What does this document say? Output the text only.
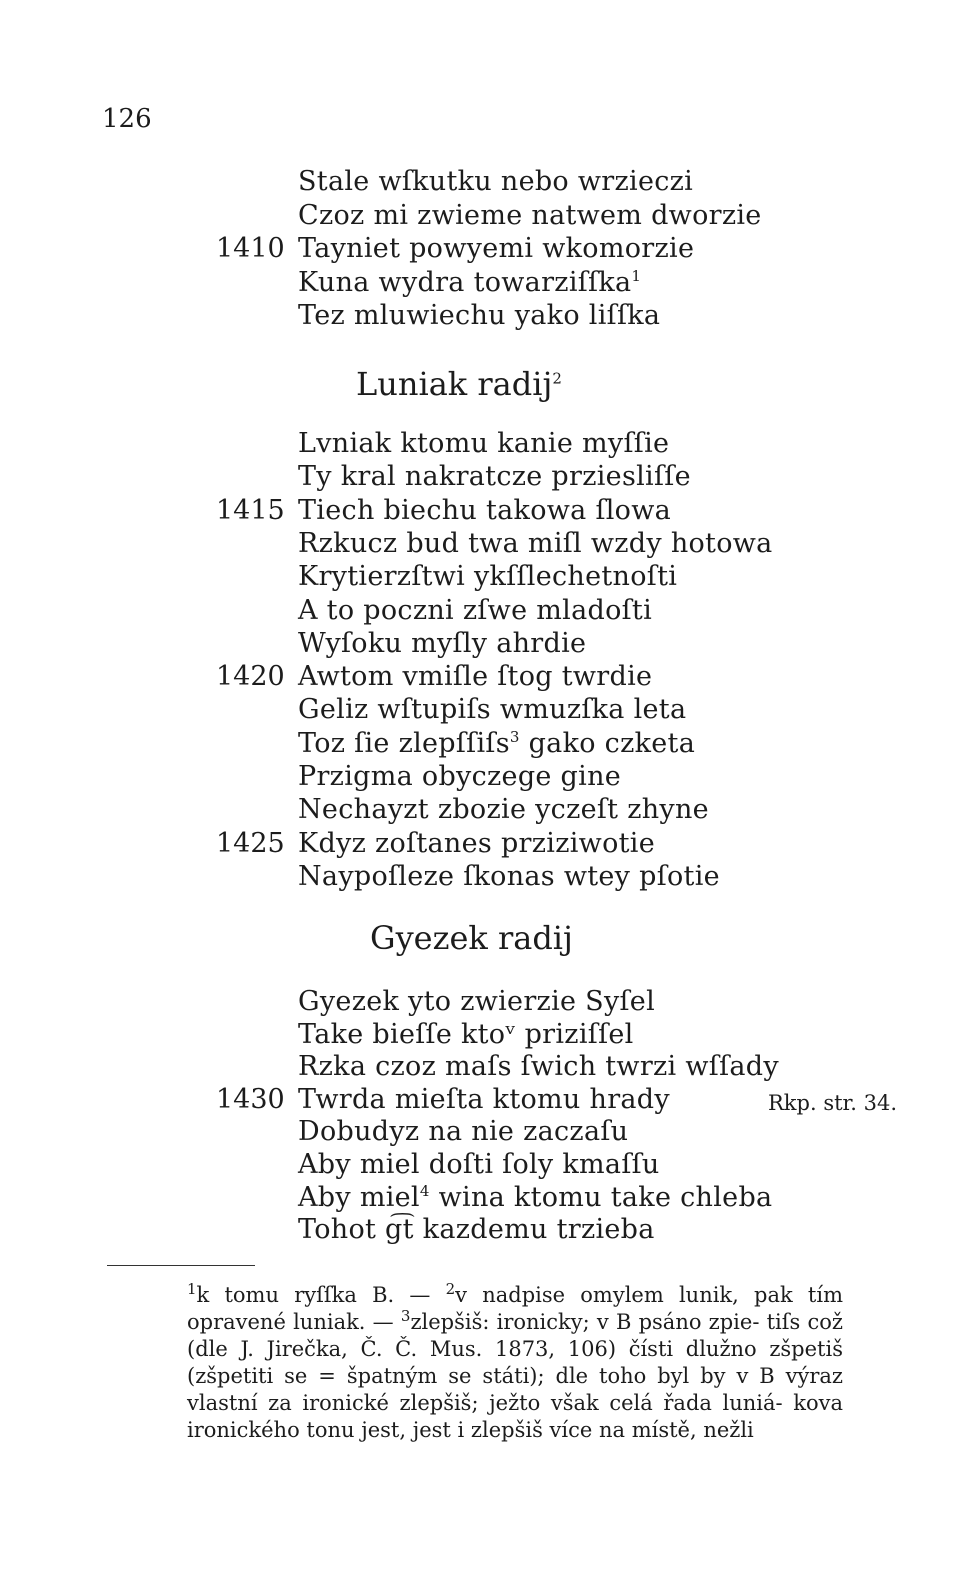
126
Stale wſkutku nebo wrzieczi
Czoz mi zwieme natwem dworzie
1410 Tayniet powyemi wkomorzie
Kuna wydra towarziſſka$^1$
Tez mluwiechu yako liſſka
Luniak radij$^2$
Lvniak ktomu kanie myſſie
Ty kral nakratcze prziesliſſe
1415 Tiech biechu takowa ſlowa
Rzkucz bud twa miſl wzdy hotowa
Krytierzſtwi ykſſlechetnoſti
A to poczni zſwe mladoſti
Wyſoku myſly ahrdie
1420 Awtom vmiſle ſtog twrdie
Geliz wſtupiſs wmuzſka leta
Toz ſie zlepſſiſs$^3$ gako czketa
Przigma obyczege gine
Nechayzt zbozie yczeſt zhyne
1425 Kdyz zoſtanes prziziwotie
Naypoſleze ſkonas wtey pſotie
Gyezek radij
Gyezek yto zwierzie Syſel
Take bieſſe ktoᵛ priziſſel
Rzka czoz maſs ſwich twrzi wſſady
1430 Twrda mieſta ktomu hrady
Dobudyz na nie zaczaſu
Aby miel doſti ſoly kmaſſu
Aby miel$^4$ wina ktomu take chleba
Tohot g͡t kazdemu trzieba
Rkp. str. 34.

$^1$k tomu ryſſka B. — $^2$v nadpise omylem lunik, pak tím opravené luniak. — $^3$zlepšiš: ironicky; v B psáno zpie- tiſs což (dle J. Jirečka, Č. Č. Mus. 1873, 106) čísti dlužno zšpetiš (zšpetiti se = špatným se státi); dle toho byl by v B výraz vlastní za ironické zlepšiš; ježto však celá řada luniá- kova ironického tonu jest, jest i zlepšiš více na místě, nežli
